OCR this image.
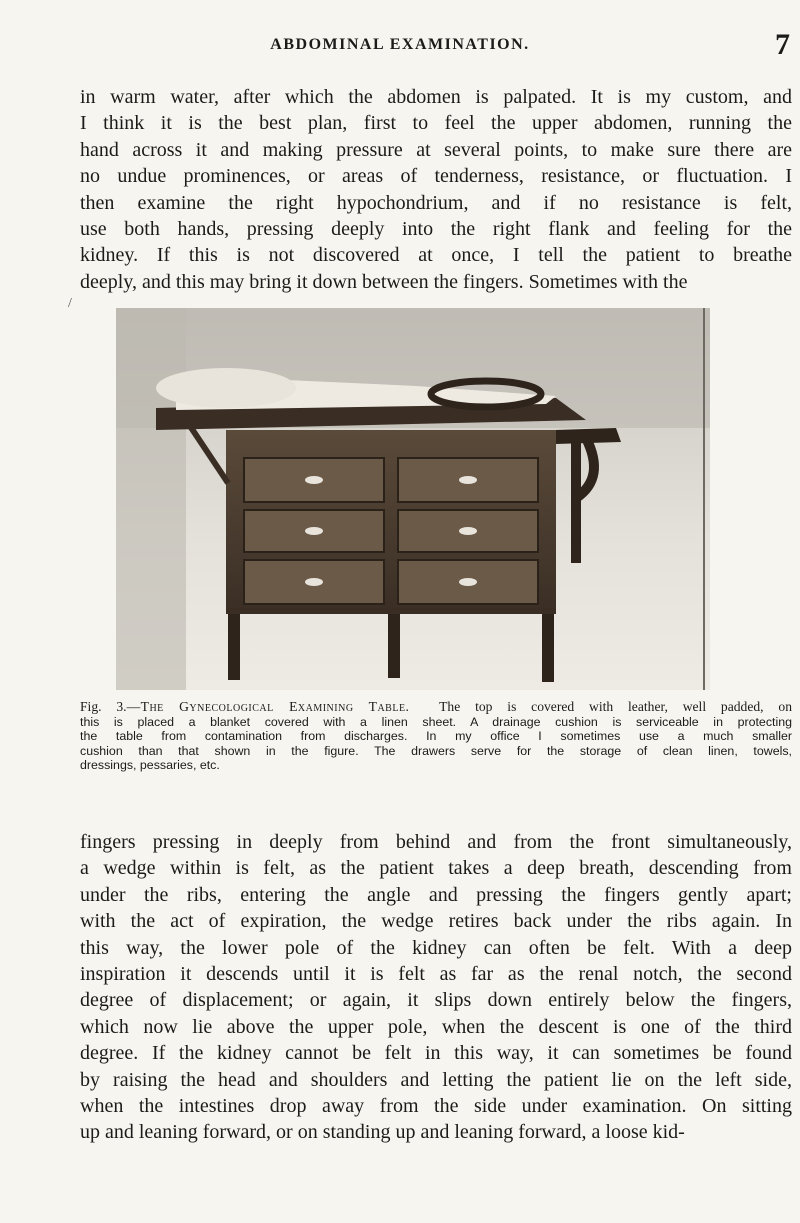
ABDOMINAL EXAMINATION.	7
in warm water, after which the abdomen is palpated. It is my custom, and
I think it is the best plan, first to feel the upper abdomen, running the
hand across it and making pressure at several points, to make sure there are
no undue prominences, or areas of tenderness, resistance, or fluctuation. I
then examine the right hypochondrium, and if no resistance is felt,
use both hands, pressing deeply into the right flank and feeling for the
kidney. If this is not discovered at once, I tell the patient to breathe
deeply, and this may bring it down between the fingers. Sometimes with the
/
Fig. 3.—The Gynecological Examining Table. The top is covered with leather, well padded, on
this is placed a blanket covered with a linen sheet. A drainage cushion is serviceable in protecting
the table from contamination from discharges. In my office I sometimes use a much smaller
cushion than that shown in the figure. The drawers serve for the storage of clean linen, towels,
dressings, pessaries, etc.
fingers pressing in deeply from behind and from the front simultaneously,
a wedge within is felt, as the patient takes a deep breath, descending from
under the ribs, entering the angle and pressing the fingers gently apart;
with the act of expiration, the wedge retires back under the ribs again. In
this way, the lower pole of the kidney can often be felt. With a deep
inspiration it descends until it is felt as far as the renal notch, the second
degree of displacement; or again, it slips down entirely below the fingers,
which now lie above the upper pole, when the descent is one of the third
degree. If the kidney cannot be felt in this way, it can sometimes be found
by raising the head and shoulders and letting the patient lie on the left side,
when the intestines drop away from the side under examination. On sitting
up and leaning forward, or on standing up and leaning forward, a loose kid-
